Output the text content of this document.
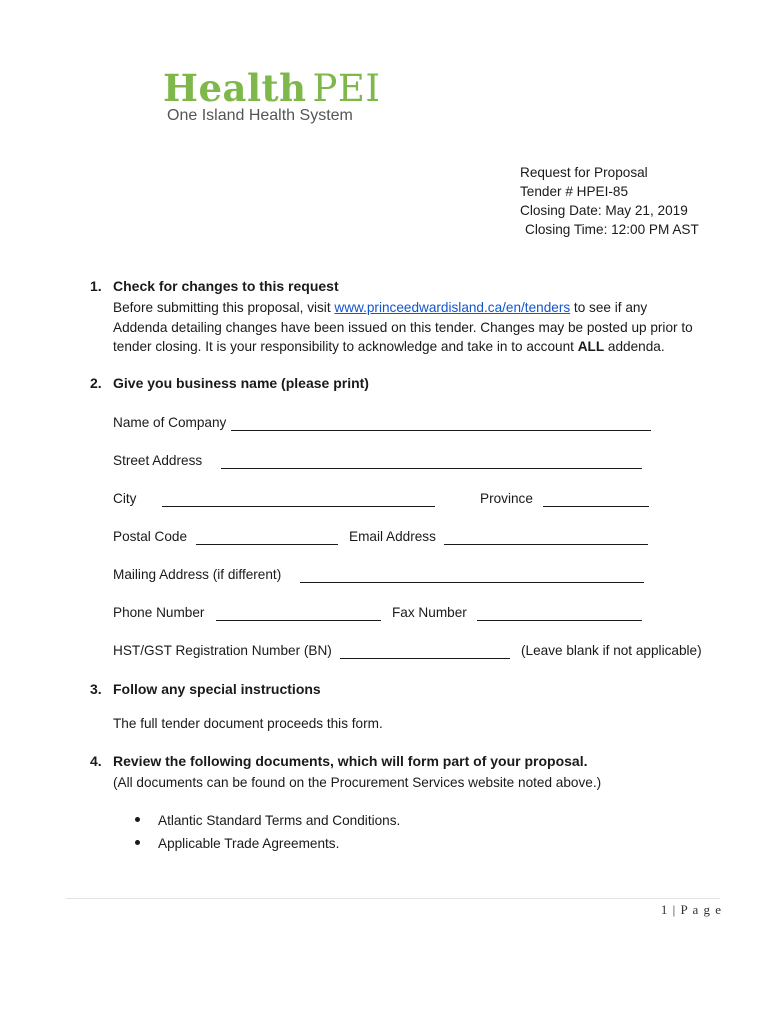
Health PEI
One Island Health System
Request for Proposal
Tender # HPEI-85
Closing Date: May 21, 2019
Closing Time: 12:00 PM AST
1. Check for changes to this request
Before submitting this proposal, visit www.princeedwardisland.ca/en/tenders to see if any
Addenda detailing changes have been issued on this tender. Changes may be posted up prior to
tender closing. It is your responsibility to acknowledge and take in to account ALL addenda.
2. Give you business name (please print)
Name of Company
Street Address
City	Province
Postal Code	Email Address
Mailing Address (if different)
Phone Number	Fax Number
HST/GST Registration Number (BN)	(Leave blank if not applicable)
3. Follow any special instructions
The full tender document proceeds this form.
4. Review the following documents, which will form part of your proposal.
(All documents can be found on the Procurement Services website noted above.)
Atlantic Standard Terms and Conditions.
Applicable Trade Agreements.
1 | P a g e
